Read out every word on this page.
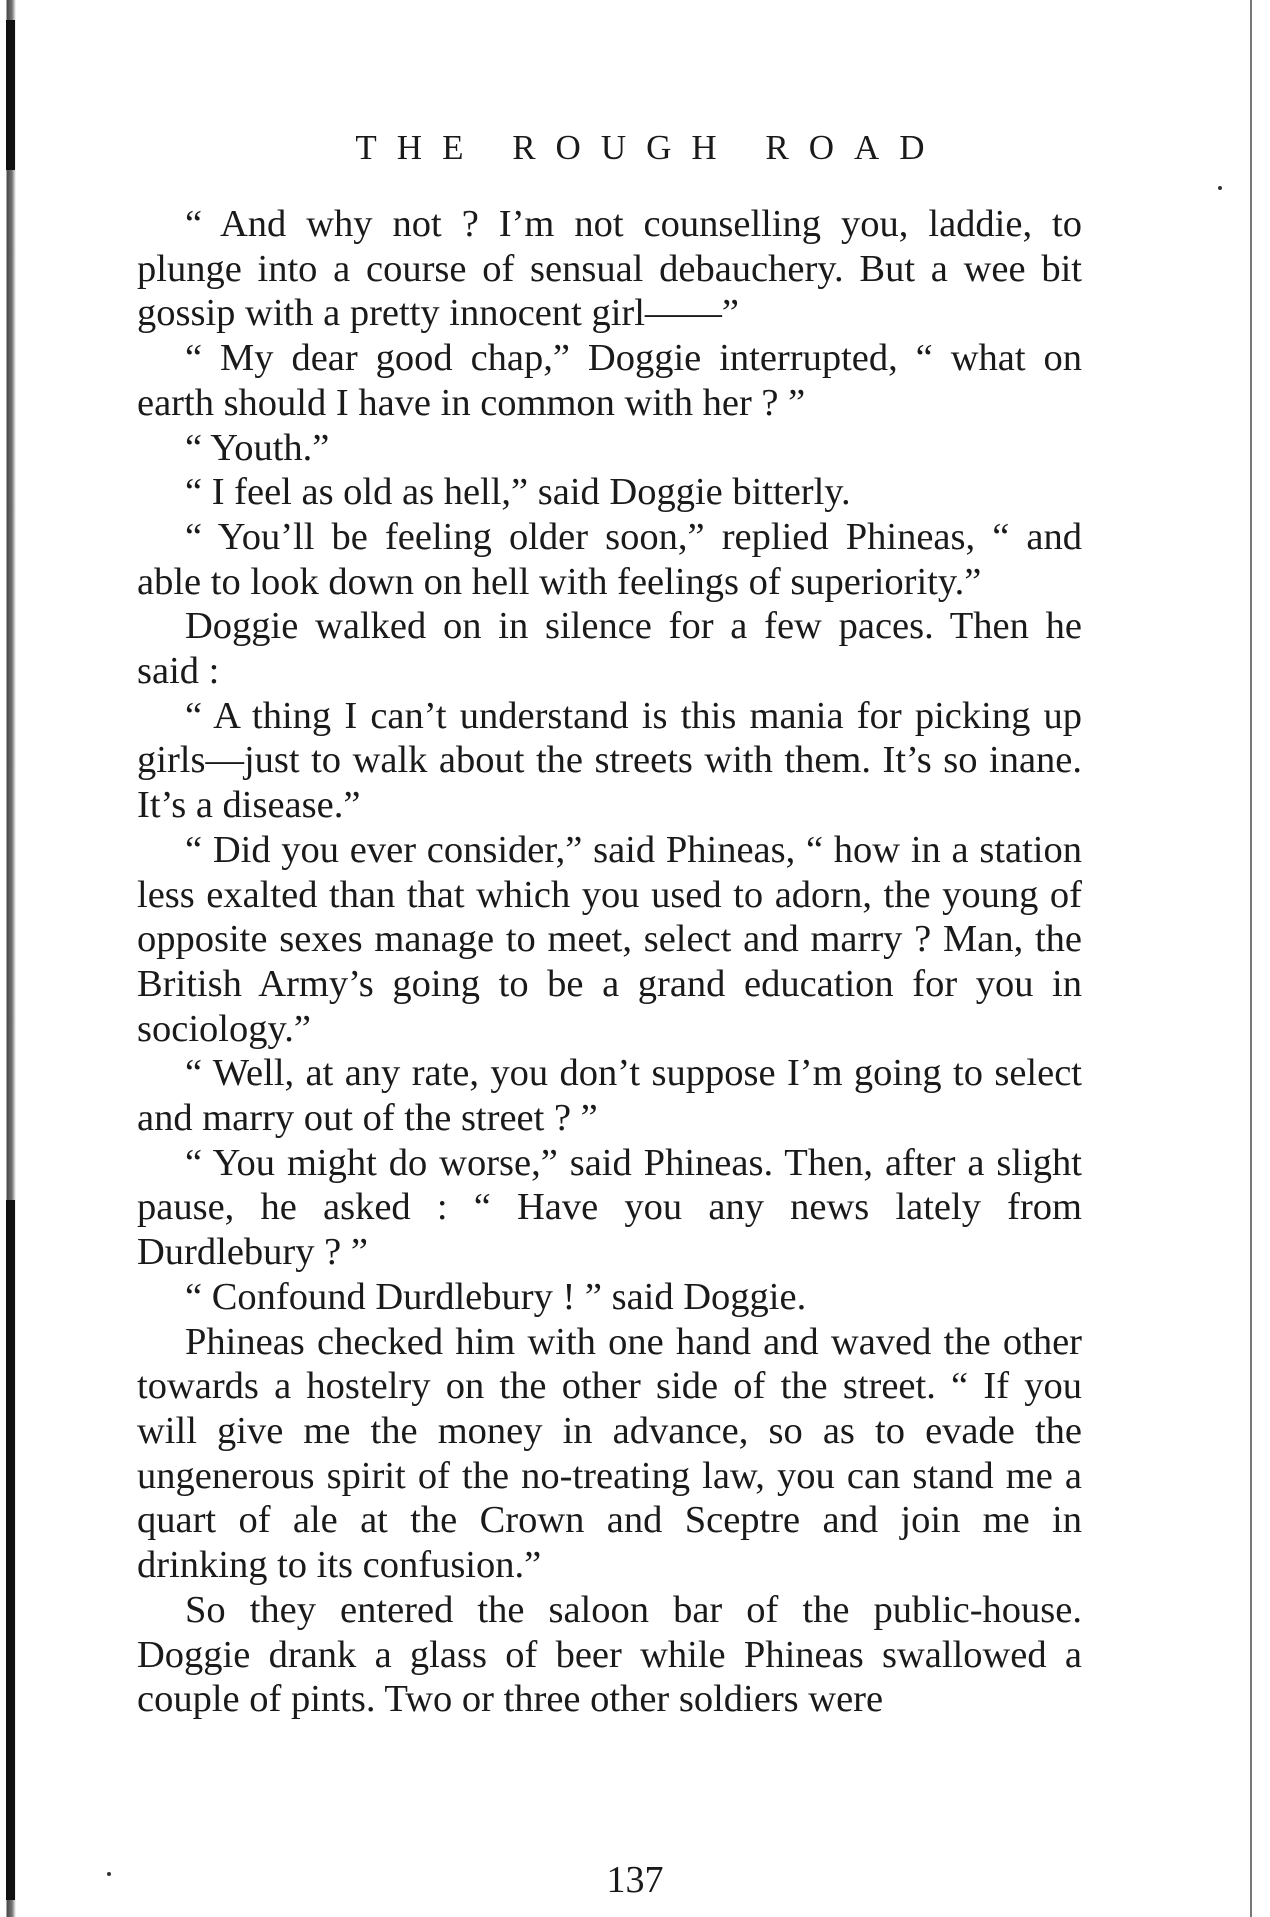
THE ROUGH ROAD

“ And why not ? I’m not counselling you, laddie, to plunge into a course of sensual debauchery. But a wee bit gossip with a pretty innocent girl——”

“ My dear good chap,” Doggie interrupted, “ what on earth should I have in common with her ? ”

“ Youth.”

“ I feel as old as hell,” said Doggie bitterly.

“ You’ll be feeling older soon,” replied Phineas, “ and able to look down on hell with feelings of superiority.”

Doggie walked on in silence for a few paces. Then he said :

“ A thing I can’t understand is this mania for picking up girls—just to walk about the streets with them. It’s so inane. It’s a disease.”

“ Did you ever consider,” said Phineas, “ how in a station less exalted than that which you used to adorn, the young of opposite sexes manage to meet, select and marry ? Man, the British Army’s going to be a grand education for you in sociology.”

“ Well, at any rate, you don’t suppose I’m going to select and marry out of the street ? ”

“ You might do worse,” said Phineas. Then, after a slight pause, he asked : “ Have you any news lately from Durdlebury ? ”

“ Confound Durdlebury ! ” said Doggie.

Phineas checked him with one hand and waved the other towards a hostelry on the other side of the street. “ If you will give me the money in advance, so as to evade the ungenerous spirit of the no-treating law, you can stand me a quart of ale at the Crown and Sceptre and join me in drinking to its confusion.”

So they entered the saloon bar of the public-house. Doggie drank a glass of beer while Phineas swallowed a couple of pints. Two or three other soldiers were

137
